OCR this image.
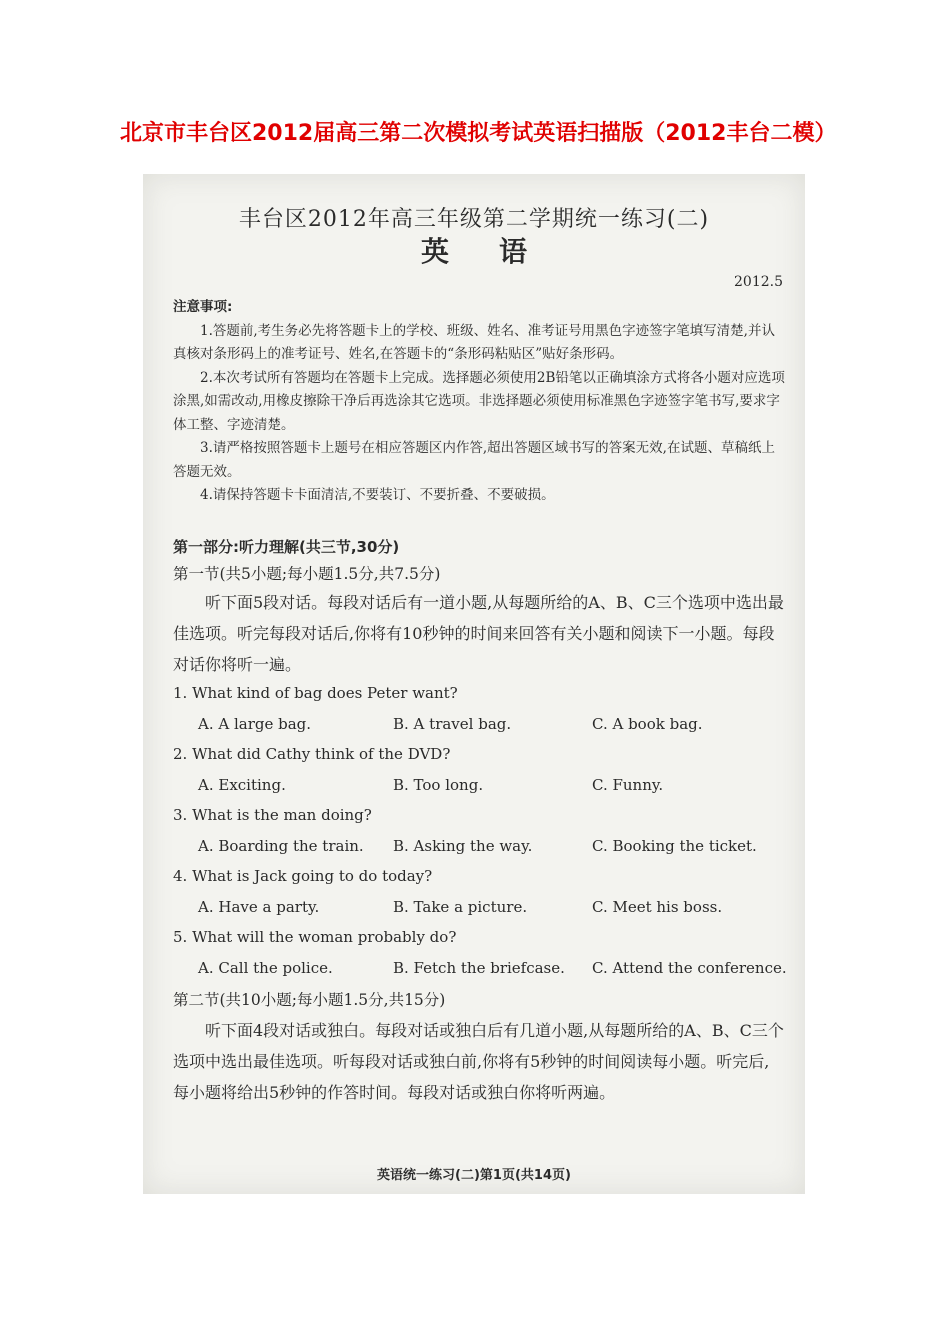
北京市丰台区2012届高三第二次模拟考试英语扫描版（2012丰台二模）
丰台区2012年高三年级第二学期统一练习(二)
英语
2012.5
注意事项:

1.答题前,考生务必先将答题卡上的学校、班级、姓名、准考证号用黑色字迹签字笔填写清楚,并认真核对条形码上的准考证号、姓名,在答题卡的“条形码粘贴区”贴好条形码。

2.本次考试所有答题均在答题卡上完成。选择题必须使用2B铅笔以正确填涂方式将各小题对应选项涂黑,如需改动,用橡皮擦除干净后再选涂其它选项。非选择题必须使用标准黑色字迹签字笔书写,要求字体工整、字迹清楚。

3.请严格按照答题卡上题号在相应答题区内作答,超出答题区域书写的答案无效,在试题、草稿纸上答题无效。

4.请保持答题卡卡面清洁,不要装订、不要折叠、不要破损。

第一部分:听力理解(共三节,30分)
第一节(共5小题;每小题1.5分,共7.5分)
听下面5段对话。每段对话后有一道小题,从每题所给的A、B、C三个选项中选出最佳选项。听完每段对话后,你将有10秒钟的时间来回答有关小题和阅读下一小题。每段对话你将听一遍。
1. What kind of bag does Peter want?
A. A large bag.	B. A travel bag.	C. A book bag.
2. What did Cathy think of the DVD?
A. Exciting.	B. Too long.	C. Funny.
3. What is the man doing?
A. Boarding the train. B. Asking the way.	C. Booking the ticket.
4. What is Jack going to do today?
A. Have a party.	B. Take a picture.	C. Meet his boss.
5. What will the woman probably do?
A. Call the police.	B. Fetch the briefcase. C. Attend the conference.
第二节(共10小题;每小题1.5分,共15分)
听下面4段对话或独白。每段对话或独白后有几道小题,从每题所给的A、B、C三个选项中选出最佳选项。听每段对话或独白前,你将有5秒钟的时间阅读每小题。听完后,每小题将给出5秒钟的作答时间。每段对话或独白你将听两遍。
英语统一练习(二)第1页(共14页)
